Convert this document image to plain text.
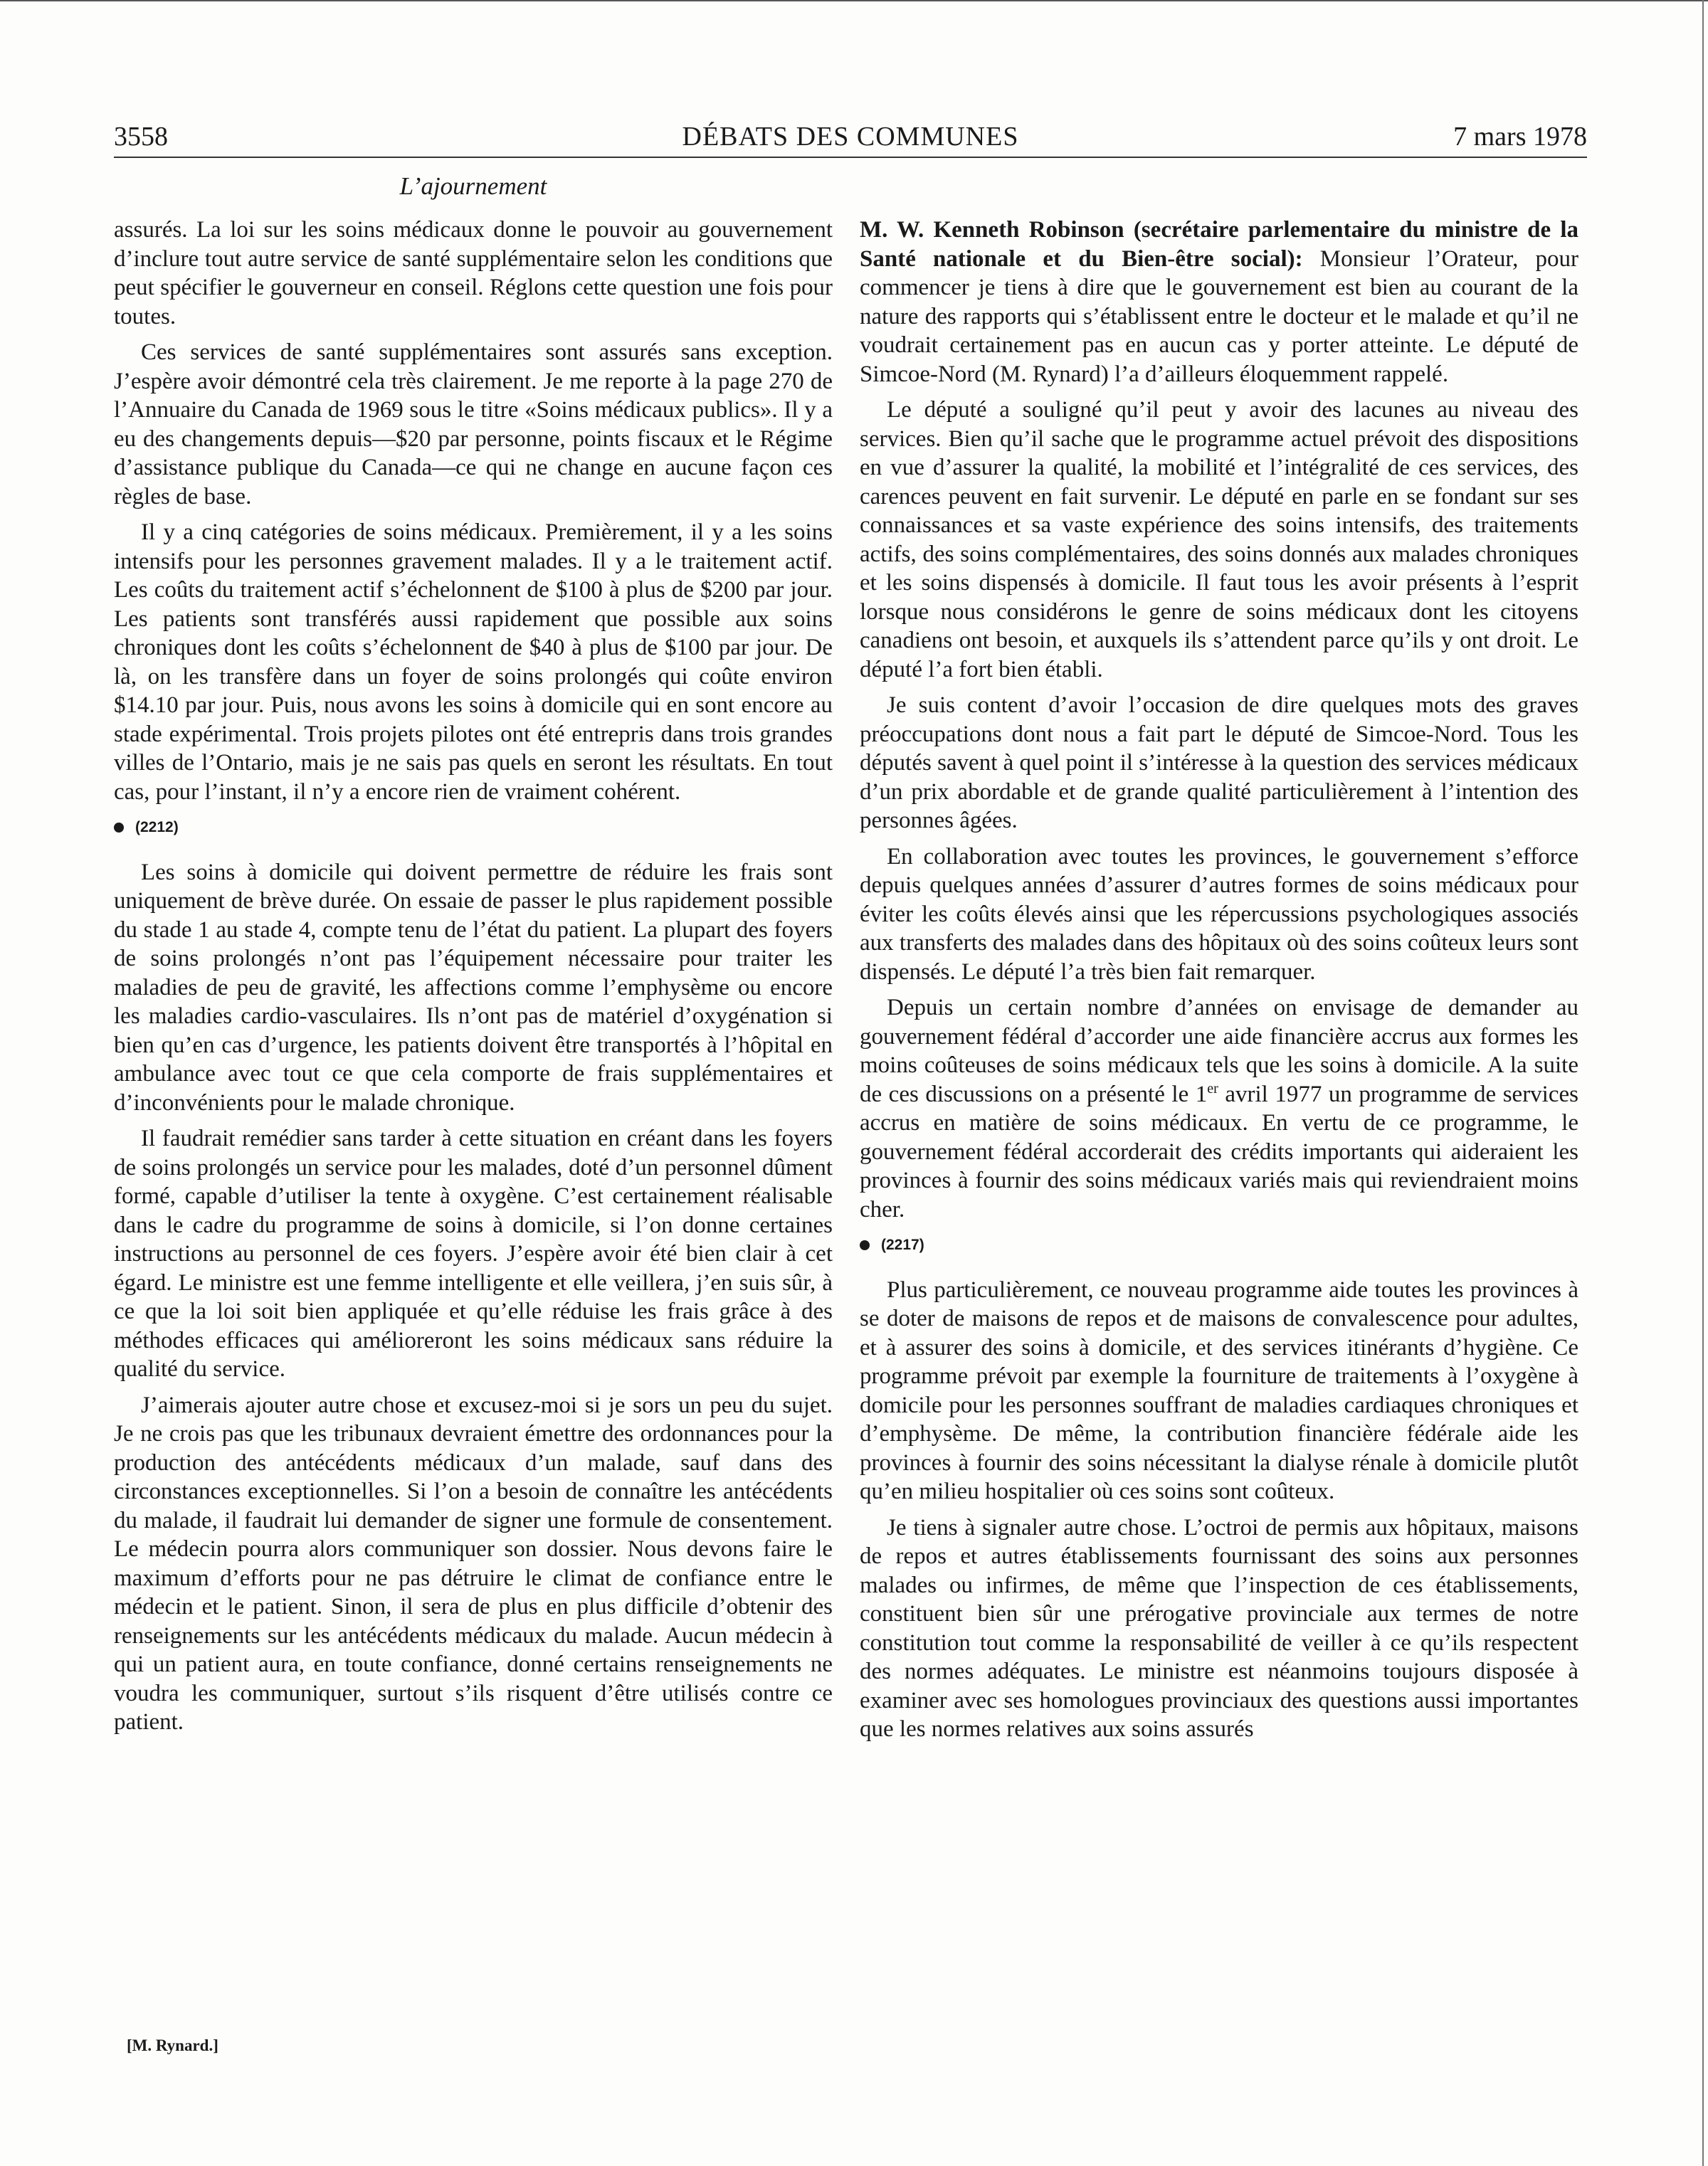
3558	DÉBATS DES COMMUNES	7 mars 1978
L’ajournement

assurés. La loi sur les soins médicaux donne le pouvoir au gouvernement d’inclure tout autre service de santé supplémentaire selon les conditions que peut spécifier le gouverneur en conseil. Réglons cette question une fois pour toutes.

Ces services de santé supplémentaires sont assurés sans exception. J’espère avoir démontré cela très clairement. Je me reporte à la page 270 de l’Annuaire du Canada de 1969 sous le titre «Soins médicaux publics». Il y a eu des changements depuis—$20 par personne, points fiscaux et le Régime d’assistance publique du Canada—ce qui ne change en aucune façon ces règles de base.

Il y a cinq catégories de soins médicaux. Premièrement, il y a les soins intensifs pour les personnes gravement malades. Il y a le traitement actif. Les coûts du traitement actif s’échelonnent de $100 à plus de $200 par jour. Les patients sont transférés aussi rapidement que possible aux soins chroniques dont les coûts s’échelonnent de $40 à plus de $100 par jour. De là, on les transfère dans un foyer de soins prolongés qui coûte environ $14.10 par jour. Puis, nous avons les soins à domicile qui en sont encore au stade expérimental. Trois projets pilotes ont été entrepris dans trois grandes villes de l’Ontario, mais je ne sais pas quels en seront les résultats. En tout cas, pour l’instant, il n’y a encore rien de vraiment cohérent.

(2212)

Les soins à domicile qui doivent permettre de réduire les frais sont uniquement de brève durée. On essaie de passer le plus rapidement possible du stade 1 au stade 4, compte tenu de l’état du patient. La plupart des foyers de soins prolongés n’ont pas l’équipement nécessaire pour traiter les maladies de peu de gravité, les affections comme l’emphysème ou encore les maladies cardio-vasculaires. Ils n’ont pas de matériel d’oxygénation si bien qu’en cas d’urgence, les patients doivent être transportés à l’hôpital en ambulance avec tout ce que cela comporte de frais supplémentaires et d’inconvénients pour le malade chronique.

Il faudrait remédier sans tarder à cette situation en créant dans les foyers de soins prolongés un service pour les malades, doté d’un personnel dûment formé, capable d’utiliser la tente à oxygène. C’est certainement réalisable dans le cadre du programme de soins à domicile, si l’on donne certaines instructions au personnel de ces foyers. J’espère avoir été bien clair à cet égard. Le ministre est une femme intelligente et elle veillera, j’en suis sûr, à ce que la loi soit bien appliquée et qu’elle réduise les frais grâce à des méthodes efficaces qui amélioreront les soins médicaux sans réduire la qualité du service.

J’aimerais ajouter autre chose et excusez-moi si je sors un peu du sujet. Je ne crois pas que les tribunaux devraient émettre des ordonnances pour la production des antécédents médicaux d’un malade, sauf dans des circonstances exceptionnelles. Si l’on a besoin de connaître les antécédents du malade, il faudrait lui demander de signer une formule de consentement. Le médecin pourra alors communiquer son dossier. Nous devons faire le maximum d’efforts pour ne pas détruire le climat de confiance entre le médecin et le patient. Sinon, il sera de plus en plus difficile d’obtenir des renseignements sur les antécédents médicaux du malade. Aucun médecin à qui un patient aura, en toute confiance, donné certains renseignements ne voudra les communiquer, surtout s’ils risquent d’être utilisés contre ce patient.

[M. Rynard.]

M. W. Kenneth Robinson (secrétaire parlementaire du ministre de la Santé nationale et du Bien-être social): Monsieur l’Orateur, pour commencer je tiens à dire que le gouvernement est bien au courant de la nature des rapports qui s’établissent entre le docteur et le malade et qu’il ne voudrait certainement pas en aucun cas y porter atteinte. Le député de Simcoe-Nord (M. Rynard) l’a d’ailleurs éloquemment rappelé.

Le député a souligné qu’il peut y avoir des lacunes au niveau des services. Bien qu’il sache que le programme actuel prévoit des dispositions en vue d’assurer la qualité, la mobilité et l’intégralité de ces services, des carences peuvent en fait survenir. Le député en parle en se fondant sur ses connaissances et sa vaste expérience des soins intensifs, des traitements actifs, des soins complémentaires, des soins donnés aux malades chroniques et les soins dispensés à domicile. Il faut tous les avoir présents à l’esprit lorsque nous considérons le genre de soins médicaux dont les citoyens canadiens ont besoin, et auxquels ils s’attendent parce qu’ils y ont droit. Le député l’a fort bien établi.

Je suis content d’avoir l’occasion de dire quelques mots des graves préoccupations dont nous a fait part le député de Simcoe-Nord. Tous les députés savent à quel point il s’intéresse à la question des services médicaux d’un prix abordable et de grande qualité particulièrement à l’intention des personnes âgées.

En collaboration avec toutes les provinces, le gouvernement s’efforce depuis quelques années d’assurer d’autres formes de soins médicaux pour éviter les coûts élevés ainsi que les répercussions psychologiques associés aux transferts des malades dans des hôpitaux où des soins coûteux leurs sont dispensés. Le député l’a très bien fait remarquer.

Depuis un certain nombre d’années on envisage de demander au gouvernement fédéral d’accorder une aide financière accrus aux formes les moins coûteuses de soins médicaux tels que les soins à domicile. A la suite de ces discussions on a présenté le 1er avril 1977 un programme de services accrus en matière de soins médicaux. En vertu de ce programme, le gouvernement fédéral accorderait des crédits importants qui aideraient les provinces à fournir des soins médicaux variés mais qui reviendraient moins cher.

(2217)

Plus particulièrement, ce nouveau programme aide toutes les provinces à se doter de maisons de repos et de maisons de convalescence pour adultes, et à assurer des soins à domicile, et des services itinérants d’hygiène. Ce programme prévoit par exemple la fourniture de traitements à l’oxygène à domicile pour les personnes souffrant de maladies cardiaques chroniques et d’emphysème. De même, la contribution financière fédérale aide les provinces à fournir des soins nécessitant la dialyse rénale à domicile plutôt qu’en milieu hospitalier où ces soins sont coûteux.

Je tiens à signaler autre chose. L’octroi de permis aux hôpitaux, maisons de repos et autres établissements fournissant des soins aux personnes malades ou infirmes, de même que l’inspection de ces établissements, constituent bien sûr une prérogative provinciale aux termes de notre constitution tout comme la responsabilité de veiller à ce qu’ils respectent des normes adéquates. Le ministre est néanmoins toujours disposée à examiner avec ses homologues provinciaux des questions aussi importantes que les normes relatives aux soins assurés
